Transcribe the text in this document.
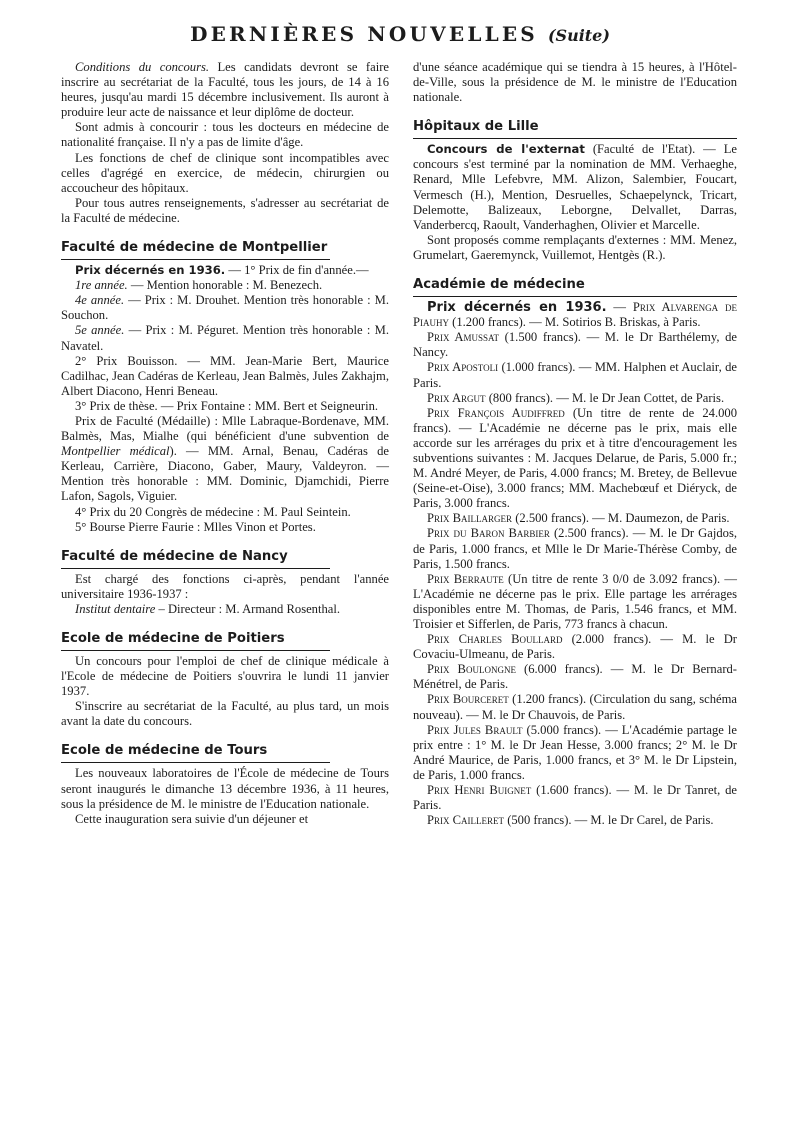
DERNIÈRES NOUVELLES (Suite)

Conditions du concours. Les candidats devront se faire inscrire au secrétariat de la Faculté, tous les jours, de 14 à 16 heures, jusqu'au mardi 15 décembre inclusivement. Ils auront à produire leur acte de naissance et leur diplôme de docteur.

Sont admis à concourir : tous les docteurs en médecine de nationalité française. Il n'y a pas de limite d'âge.

Les fonctions de chef de clinique sont incompatibles avec celles d'agrégé en exercice, de médecin, chirurgien ou accoucheur des hôpitaux.

Pour tous autres renseignements, s'adresser au secrétariat de la Faculté de médecine.

Faculté de médecine de Montpellier

Prix décernés en 1936. — 1° Prix de fin d'année.—

1re année. — Mention honorable : M. Benezech.

4e année. — Prix : M. Drouhet. Mention très honorable : M. Souchon.

5e année. — Prix : M. Péguret. Mention très honorable : M. Navatel.

2° Prix Bouisson. — MM. Jean-Marie Bert, Maurice Cadilhac, Jean Cadéras de Kerleau, Jean Balmès, Jules Zakhajm, Albert Diacono, Henri Beneau.

3° Prix de thèse. — Prix Fontaine : MM. Bert et Seigneurin.

Prix de Faculté (Médaille) : Mlle Labraque-Bordenave, MM. Balmès, Mas, Mialhe (qui bénéficient d'une subvention de Montpellier médical). — MM. Arnal, Benau, Cadéras de Kerleau, Carrière, Diacono, Gaber, Maury, Valdeyron. — Mention très honorable : MM. Dominic, Djamchidi, Pierre Lafon, Sagols, Viguier.

4° Prix du 20 Congrès de médecine : M. Paul Seintein.

5° Bourse Pierre Faurie : Mlles Vinon et Portes.

Faculté de médecine de Nancy

Est chargé des fonctions ci-après, pendant l'année universitaire 1936-1937 :

Institut dentaire – Directeur : M. Armand Rosenthal.

Ecole de médecine de Poitiers

Un concours pour l'emploi de chef de clinique médicale à l'Ecole de médecine de Poitiers s'ouvrira le lundi 11 janvier 1937.

S'inscrire au secrétariat de la Faculté, au plus tard, un mois avant la date du concours.

Ecole de médecine de Tours

Les nouveaux laboratoires de l'École de médecine de Tours seront inaugurés le dimanche 13 décembre 1936, à 11 heures, sous la présidence de M. le ministre de l'Education nationale.

Cette inauguration sera suivie d'un déjeuner et

d'une séance académique qui se tiendra à 15 heures, à l'Hôtel-de-Ville, sous la présidence de M. le ministre de l'Education nationale.

Hôpitaux de Lille

Concours de l'externat (Faculté de l'Etat). — Le concours s'est terminé par la nomination de MM. Verhaeghe, Renard, Mlle Lefebvre, MM. Alizon, Salembier, Foucart, Vermesch (H.), Mention, Desruelles, Schaepelynck, Tricart, Delemotte, Balizeaux, Leborgne, Delvallet, Darras, Vanderbercq, Raoult, Vanderhaghen, Olivier et Marcelle.

Sont proposés comme remplaçants d'externes : MM. Menez, Grumelart, Gaeremynck, Vuillemot, Hentgès (R.).

Académie de médecine

Prix décernés en 1936. — Prix Alvarenga de Piauhy (1.200 francs). — M. Sotirios B. Briskas, à Paris.

Prix Amussat (1.500 francs). — M. le Dr Barthélemy, de Nancy.

Prix Apostoli (1.000 francs). — MM. Halphen et Auclair, de Paris.

Prix Argut (800 francs). — M. le Dr Jean Cottet, de Paris.

Prix François Audiffred (Un titre de rente de 24.000 francs). — L'Académie ne décerne pas le prix, mais elle accorde sur les arrérages du prix et à titre d'encouragement les subventions suivantes : M. Jacques Delarue, de Paris, 5.000 fr.; M. André Meyer, de Paris, 4.000 francs; M. Bretey, de Bellevue (Seine-et-Oise), 3.000 francs; MM. Machebœuf et Diéryck, de Paris, 3.000 francs.

Prix Baillarger (2.500 francs). — M. Daumezon, de Paris.

Prix du Baron Barbier (2.500 francs). — M. le Dr Gajdos, de Paris, 1.000 francs, et Mlle le Dr Marie-Thérèse Comby, de Paris, 1.500 francs.

Prix Berraute (Un titre de rente 3 0/0 de 3.092 francs). — L'Académie ne décerne pas le prix. Elle partage les arrérages disponibles entre M. Thomas, de Paris, 1.546 francs, et MM. Troisier et Sifferlen, de Paris, 773 francs à chacun.

Prix Charles Boullard (2.000 francs). — M. le Dr Covaciu-Ulmeanu, de Paris.

Prix Boulongne (6.000 francs). — M. le Dr Bernard-Ménétrel, de Paris.

Prix Bourceret (1.200 francs). (Circulation du sang, schéma nouveau). — M. le Dr Chauvois, de Paris.

Prix Jules Brault (5.000 francs). — L'Académie partage le prix entre : 1° M. le Dr Jean Hesse, 3.000 francs; 2° M. le Dr André Maurice, de Paris, 1.000 francs, et 3° M. le Dr Lipstein, de Paris, 1.000 francs.

Prix Henri Buignet (1.600 francs). — M. le Dr Tanret, de Paris.

Prix Cailleret (500 francs). — M. le Dr Carel, de Paris.
